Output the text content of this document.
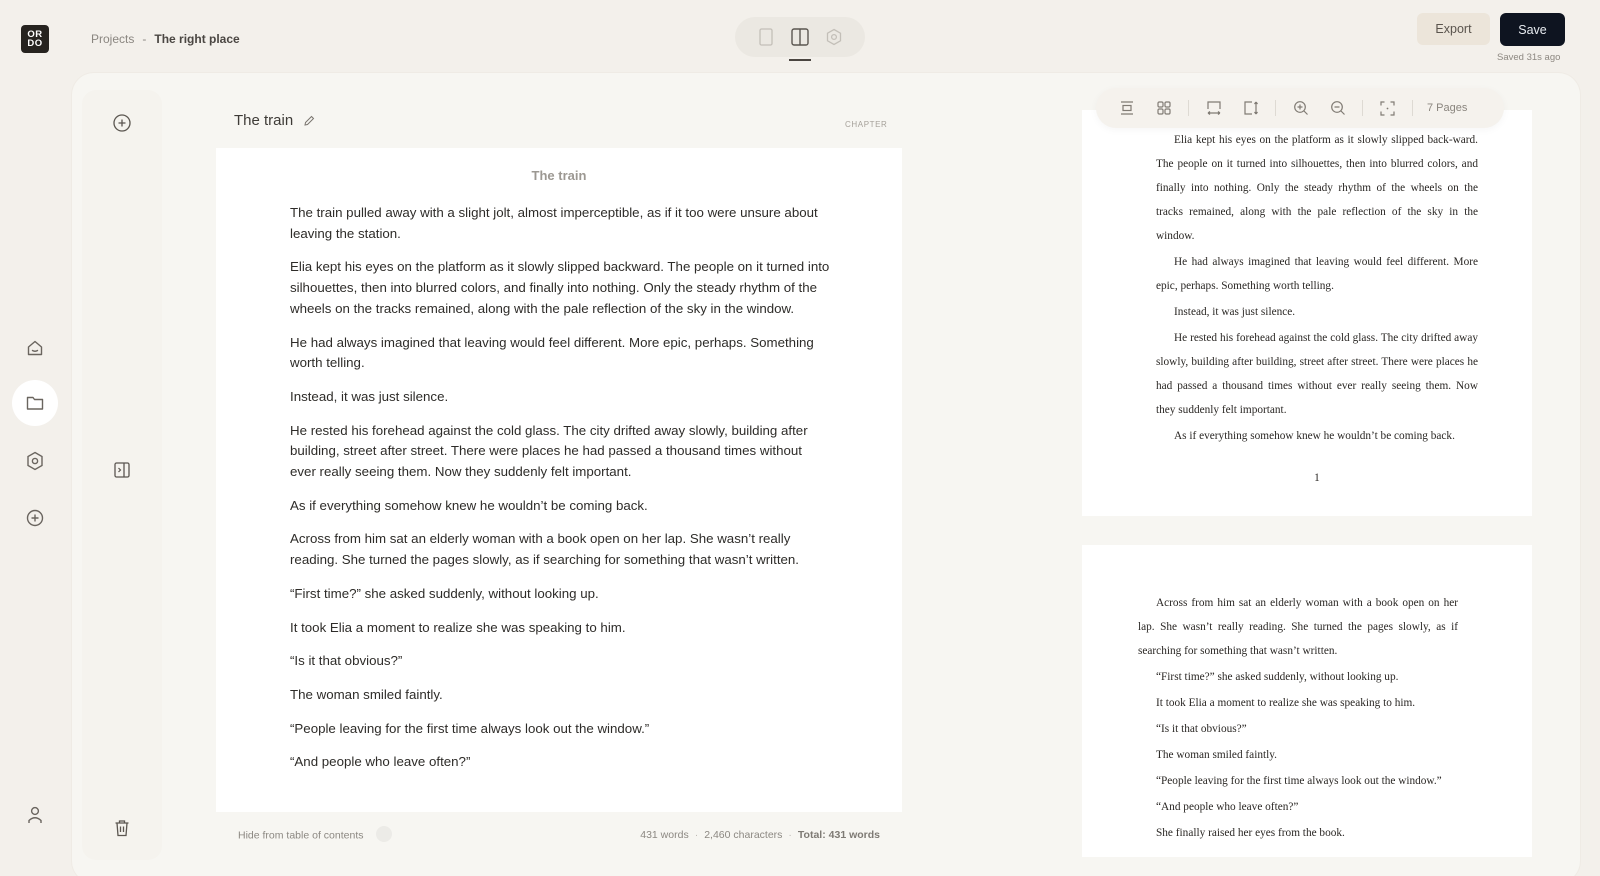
OR
DO	Projects - The right place
Export	Save
Saved 31s ago
The train	CHAPTER
The train

The train pulled away with a slight jolt, almost imperceptible, as if it too were unsure about leaving the station.

Elia kept his eyes on the platform as it slowly slipped backward. The people on it turned into silhouettes, then into blurred colors, and finally into nothing. Only the steady rhythm of the wheels on the tracks remained, along with the pale reflection of the sky in the window.

He had always imagined that leaving would feel different. More epic, perhaps. Something worth telling.

Instead, it was just silence.

He rested his forehead against the cold glass. The city drifted away slowly, building after building, street after street. There were places he had passed a thousand times without ever really seeing them. Now they suddenly felt important.

As if everything somehow knew he wouldn’t be coming back.

Across from him sat an elderly woman with a book open on her lap. She wasn’t really reading. She turned the pages slowly, as if searching for something that wasn’t written.

“First time?” she asked suddenly, without looking up.

It took Elia a moment to realize she was speaking to him.

“Is it that obvious?”

The woman smiled faintly.

“People leaving for the first time always look out the window.”

“And people who leave often?”

Hide from table of contents	431 words · 2,460 characters · Total: 431 words
7 Pages

Elia kept his eyes on the platform as it slowly slipped back-ward. The people on it turned into silhouettes, then into blurred colors, and finally into nothing. Only the steady rhythm of the wheels on the tracks remained, along with the pale reflection of the sky in the window.

He had always imagined that leaving would feel different. More epic, perhaps. Something worth telling.

Instead, it was just silence.

He rested his forehead against the cold glass. The city drifted away slowly, building after building, street after street. There were places he had passed a thousand times without ever really seeing them. Now they suddenly felt important.

As if everything somehow knew he wouldn’t be coming back.

1

Across from him sat an elderly woman with a book open on her lap. She wasn’t really reading. She turned the pages slowly, as if searching for something that wasn’t written.

“First time?” she asked suddenly, without looking up.

It took Elia a moment to realize she was speaking to him.

“Is it that obvious?”

The woman smiled faintly.

“People leaving for the first time always look out the window.”

“And people who leave often?”

She finally raised her eyes from the book.
